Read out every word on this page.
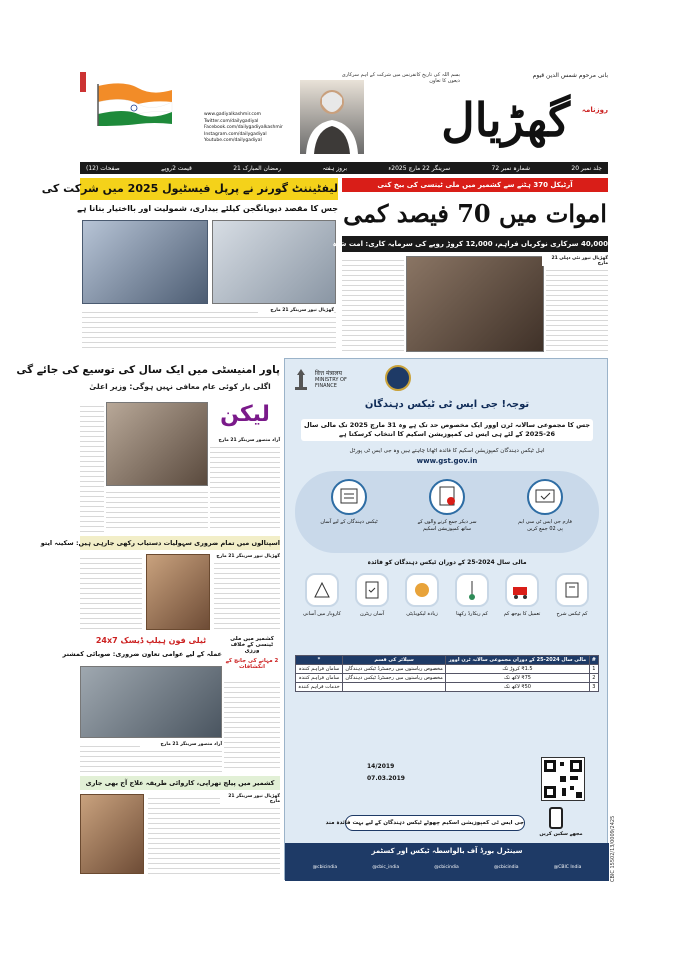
بانی مرحوم شمس الدین قیوم
بسم اللہ کی تاریخ کانفرنس میں شرکت کے اہم سرکاری ذیعوں کا تعاون
روزنامہ
گھڑیال
www.gadiyalkashmir.com
Twitter.com/dailygadiyal
Facebook.com/dailygadiyalkashmir
Instagram.com/dailygadiyal
Youtube.com/dailygadiyal
جلد نمبر 20
شمارہ نمبر 72
سرینگر 22 مارچ 2025ء
بروز ہفتہ
21 رمضان المبارک
قیمت 2روپے
صفحات (12)
لیفٹیننٹ گورنر نے پرپل فیسٹیول 2025 میں شرکت کی
جس کا مقصد دیویانگجن کیلئے بیداری، شمولیت اور بااختیار بنانا ہے
گھڑیال نیوز سرینگر 21 مارچ
آرٹیکل 370 ہٹنے سے کشمیر میں ملی ٹینسی کی بیخ کنی
اموات میں 70 فیصد کمی
40,000 سرکاری نوکریاں فراہم، 12,000 کروڑ روپے کی سرمایہ کاری: امت شاہ
گھڑیال نیوز نئی دہلی 21 مارچ
پاور امنیسٹی میں ایک سال کی توسیع کی جائے گی
اگلی بار کوئی عام معافی نہیں ہوگی: وزیر اعلیٰ
لیکن
آزاد منصور سرینگر 21 مارچ
اسپتالوں میں تمام ضروری سہولیات دستیاب رکھی جارہی ہیں: سکینہ ایتو
گھڑیال نیوز سرینگر 21 مارچ
24x7 ٹیلی فون ہیلپ ڈیسک
عملہ کے لیے عوامی تعاون ضروری: صوبائی کمشنر
آزاد منصور سرینگر 21 مارچ
کشمیر میں ملی ٹینسی کے خلاف ورزی
2 مہانے کی جانچ کے انکشافات
کشمیر میں پیلج تھراپی، کاروائی طریقہ علاج آج بھی جاری
گھڑیال نیوز سرینگر 21 مارچ
वित्त मंत्रालय
MINISTRY OF FINANCE
توجہ! جی ایس ٹی ٹیکس دہندگان
جس کا مجموعی سالانہ ٹرن اوور ایک مخصوص حد تک ہے وہ 31 مارچ 2025 تک مالی سال 26-2025 کے لئے ہی ایس ٹی کمپوزیشن اسکیم کا انتخاب کرسکتا ہے
اہل ٹیکس دہندگان کمپوزیشن اسکیم کا فائدہ اٹھانا چاہتے ہیں وہ جی ایس ٹی پورٹل
www.gst.gov.in
ٹیکس دہندگان کے لیے آسان	سر دیکر جمع کرنے والوں کے ساتھ کمپوزیشن اسکیم
فارم جی ایس ٹی سی ایم پی 02 جمع کریں
مالی سال 2024-25 کے دوران ٹیکس دہندگان کو فائدہ
کم ٹیکس شرح
تعمیل کا بوجھ کم
کم ریکارڈ رکھنا
زیادہ لیکویڈیٹی
آسان ریٹرن
کاروبار میں آسانی
#	مالی سال 2024-25 کے دوران مجموعی سالانہ ٹرن اوور	سپلائر کی قسم	*
1	₹1.5 کروڑ تک	مخصوص ریاستوں میں رجسٹرڈ ٹیکس دہندگان	سامان فراہم کنندہ
2	₹75 لاکھ تک	مخصوص ریاستوں میں رجسٹرڈ ٹیکس دہندگان	سامان فراہم کنندہ
3	₹50 لاکھ تک		خدمات فراہم کنندہ
14/2019
07.03.2019
مجھے سکین کریں
جی ایس ٹی کمپوزیشن اسکیم چھوٹے ٹیکس دہندگان کے لیے بہت فائدہ مند
سینٹرل بورڈ آف بالواسطہ ٹیکس اور کسٹمز
@cbicindia	@cbic_india	@cbicindia	@cbicindia	@CBIC India	CBIC 15502/13/0009/2425
